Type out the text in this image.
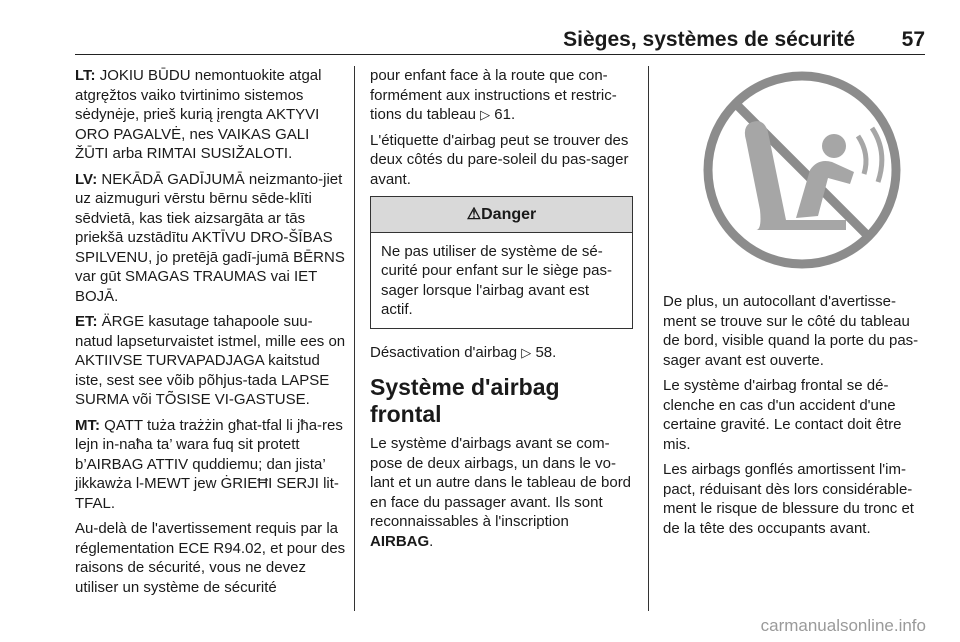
Sièges, systèmes de sécurité 57

LT: JOKIU BŪDU nemontuokite atgal atgręžtos vaiko tvirtinimo sistemos sėdynėje, prieš kurią įrengta AKTYVI ORO PAGALVĖ, nes VAIKAS GALI ŽŪTI arba RIMTAI SUSIŽALOTI.

LV: NEKĀDĀ GADĪJUMĀ neizmanto-jiet uz aizmuguri vērstu bērnu sēde-klīti sēdvietā, kas tiek aizsargāta ar tās priekšā uzstādītu AKTĪVU DRO-ŠĪBAS SPILVENU, jo pretējā gadī-jumā BĒRNS var gūt SMAGAS TRAUMAS vai IET BOJĀ.

ET: ÄRGE kasutage tahapoole suu-natud lapseturvaistet istmel, mille ees on AKTIIVSE TURVAPADJAGA kaitstud iste, sest see võib põhjus-tada LAPSE SURMA või TÕSISE VI-GASTUSE.

MT: QATT tuża trażżin għat-tfal li jħa-res lejn in-naħa ta’ wara fuq sit protett b’AIRBAG ATTIV quddiemu; dan jista’ jikkawża l-MEWT jew ĠRIEĦI SERJI lit-TFAL.

Au-delà de l'avertissement requis par la réglementation ECE R94.02, et pour des raisons de sécurité, vous ne devez utiliser un système de sécurité

pour enfant face à la route que con-formément aux instructions et restric-tions du tableau ▷ 61.

L'étiquette d'airbag peut se trouver des deux côtés du pare-soleil du pas-sager avant.

⚠Danger
Ne pas utiliser de système de sé-curité pour enfant sur le siège pas-sager lorsque l'airbag avant est actif.

Désactivation d'airbag ▷ 58.

Système d'airbag frontal

Le système d'airbags avant se com-pose de deux airbags, un dans le vo-lant et un autre dans le tableau de bord en face du passager avant. Ils sont reconnaissables à l'inscription AIRBAG.

De plus, un autocollant d'avertisse-ment se trouve sur le côté du tableau de bord, visible quand la porte du pas-sager avant est ouverte.

Le système d'airbag frontal se dé-clenche en cas d'un accident d'une certaine gravité. Le contact doit être mis.

Les airbags gonflés amortissent l'im-pact, réduisant dès lors considérable-ment le risque de blessure du tronc et de la tête des occupants avant.

carmanualsonline.info
